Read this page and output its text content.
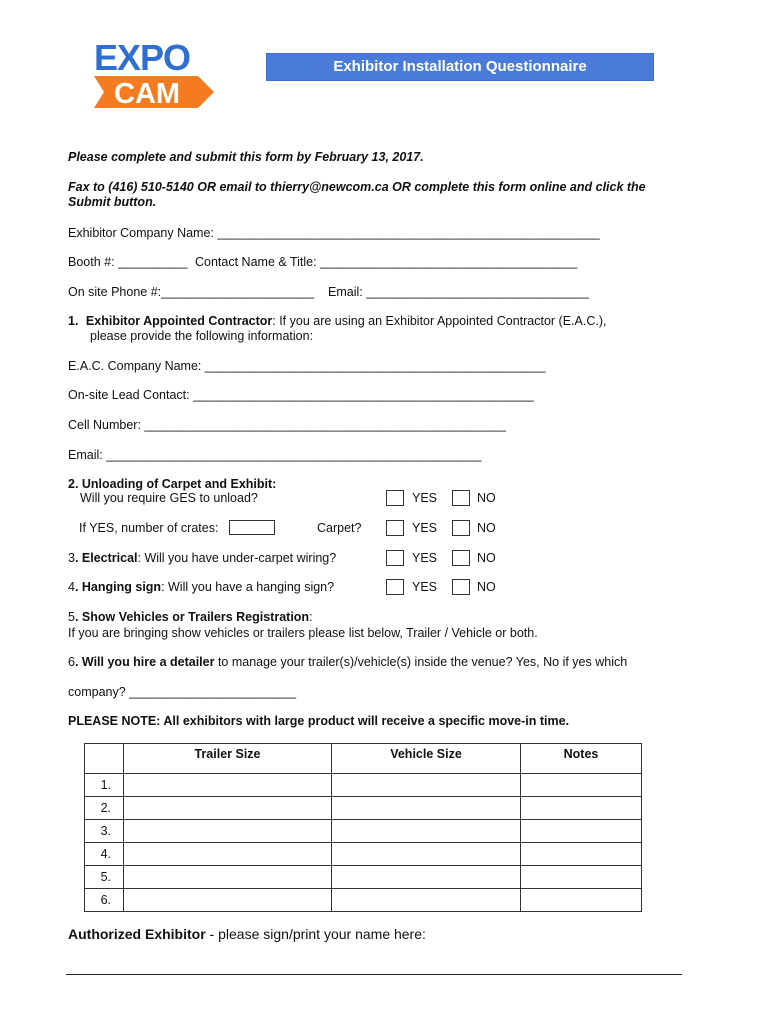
EXPO
CAM
Exhibitor Installation Questionnaire
Please complete and submit this form by February 13, 2017.
Fax to (416) 510-5140 OR email to thierry@newcom.ca OR complete this form online and click the
Submit button.
Exhibitor Company Name: _______________________________________________________
Booth #: __________ Contact Name & Title: _____________________________________
On site Phone #:______________________ Email: ________________________________
1. Exhibitor Appointed Contractor: If you are using an Exhibitor Appointed Contractor (E.A.C.),
please provide the following information:
E.A.C. Company Name: _________________________________________________
On-site Lead Contact: _________________________________________________
Cell Number: ____________________________________________________
Email: ______________________________________________________
2. Unloading of Carpet and Exhibit:
Will you require GES to unload?	YES	NO
If YES, number of crates:	Carpet?	YES	NO
3. Electrical: Will you have under-carpet wiring?	YES	NO
4. Hanging sign: Will you have a hanging sign?	YES	NO
5. Show Vehicles or Trailers Registration:
If you are bringing show vehicles or trailers please list below, Trailer / Vehicle or both.
6. Will you hire a detailer to manage your trailer(s)/vehicle(s) inside the venue? Yes, No if yes which
company? ________________________
PLEASE NOTE: All exhibitors with large product will receive a specific move-in time.
	Trailer Size	Vehicle Size	Notes
1.			
2.			
3.			
4.			
5.			
6.			
Authorized Exhibitor - please sign/print your name here:
